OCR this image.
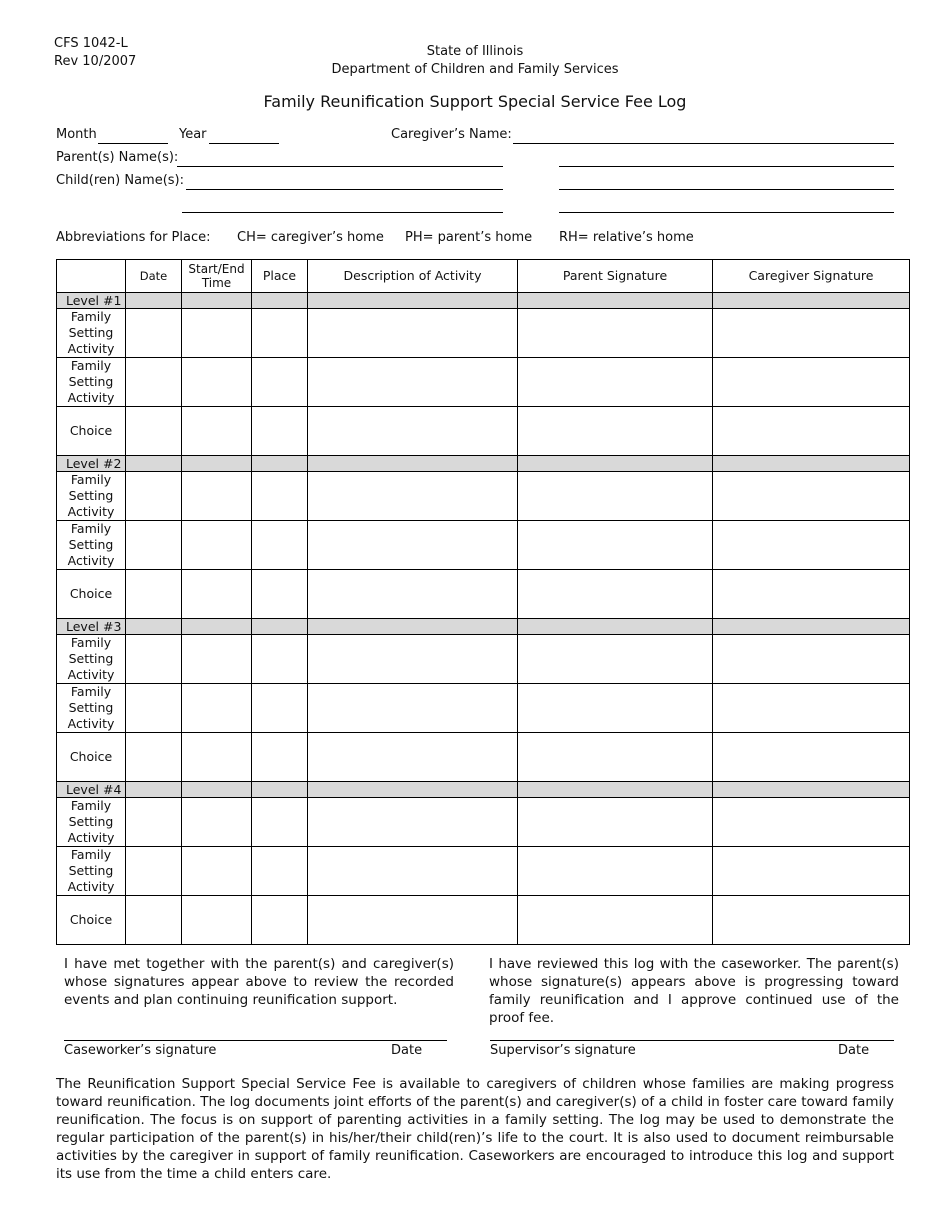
CFS 1042-L
Rev 10/2007
State of Illinois
Department of Children and Family Services
Family Reunification Support Special Service Fee Log
Month	Year	Caregiver’s Name:
Parent(s) Name(s):
Child(ren) Name(s):
Abbreviations for Place: CH= caregiver’s home PH= parent’s home RH= relative’s home
	Date	Start/End Time	Place	Description of Activity	Parent Signature	Caregiver Signature
Level #1						
Family Setting Activity						
Family Setting Activity						
Choice						
Level #2						
Family Setting Activity						
Family Setting Activity						
Choice						
Level #3						
Family Setting Activity						
Family Setting Activity						
Choice						
Level #4						
Family Setting Activity						
Family Setting Activity						
Choice						
I have met together with the parent(s) and caregiver(s) whose signatures appear above to review the recorded events and plan continuing reunification support.
I have reviewed this log with the caseworker. The parent(s) whose signature(s) appears above is progressing toward family reunification and I approve continued use of the proof fee.
Caseworker’s signature	Date	Supervisor’s signature	Date
The Reunification Support Special Service Fee is available to caregivers of children whose families are making progress toward reunification. The log documents joint efforts of the parent(s) and caregiver(s) of a child in foster care toward family reunification. The focus is on support of parenting activities in a family setting. The log may be used to demonstrate the regular participation of the parent(s) in his/her/their child(ren)’s life to the court. It is also used to document reimbursable activities by the caregiver in support of family reunification. Caseworkers are encouraged to introduce this log and support its use from the time a child enters care.
